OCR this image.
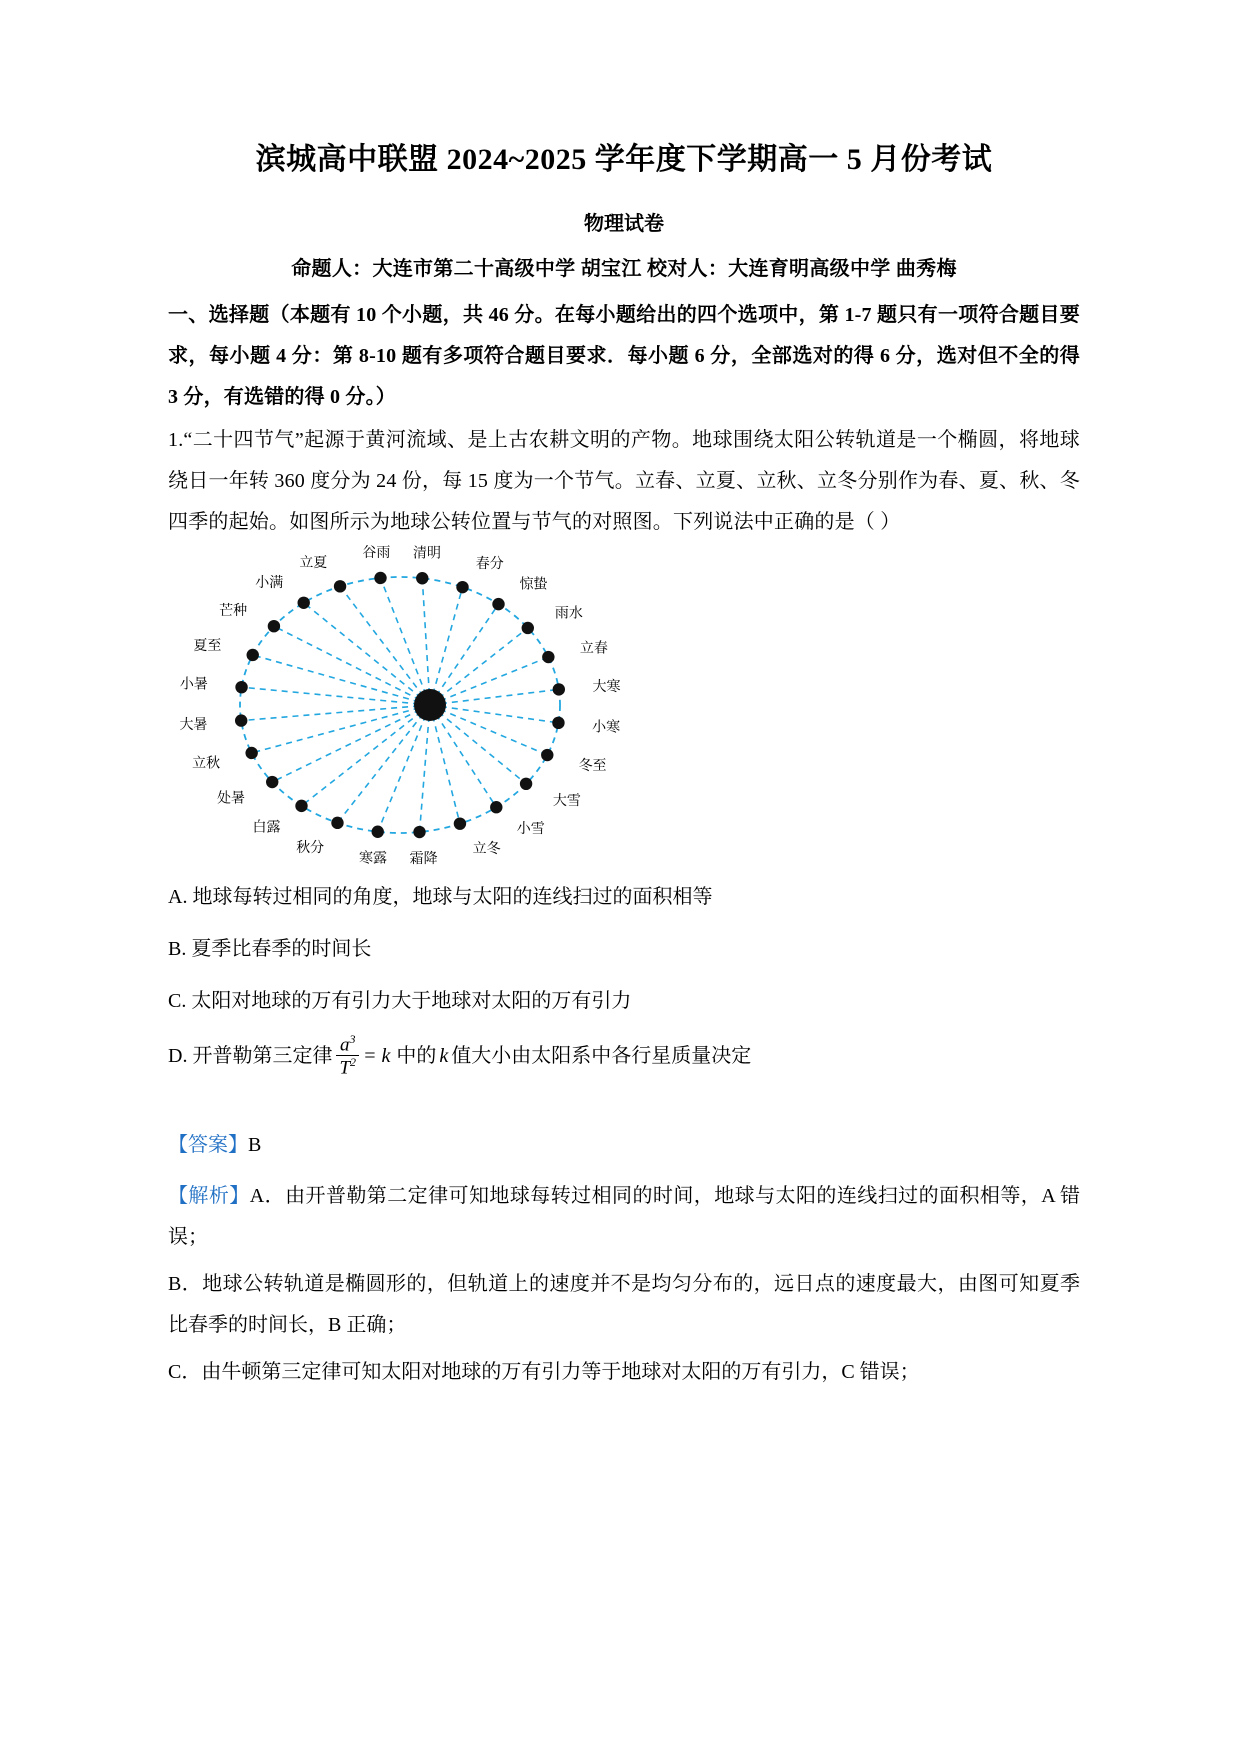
滨城高中联盟 2024~2025 学年度下学期高一 5 月份考试
物理试卷
命题人：大连市第二十高级中学 胡宝江 校对人：大连育明高级中学 曲秀梅

一、选择题（本题有 10 个小题，共 46 分。在每小题给出的四个选项中，第 1-7 题只有一项符合题目要求，每小题 4 分：第 8-10 题有多项符合题目要求．每小题 6 分，全部选对的得 6 分，选对但不全的得 3 分，有选错的得 0 分。）

1.“二十四节气”起源于黄河流域、是上古农耕文明的产物。地球围绕太阳公转轨道是一个椭圆，将地球绕日一年转 360 度分为 24 份，每 15 度为一个节气。立春、立夏、立秋、立冬分别作为春、夏、秋、冬四季的起始。如图所示为地球公转位置与节气的对照图。下列说法中正确的是（ ）

立春
雨水
惊蛰
春分
清明
谷雨
立夏
小满
芒种
夏至
小暑
大暑
立秋
处暑
白露
秋分
寒露 霜降
立冬
小雪
大雪
冬至
小寒
大寒
A. 地球每转过相同的角度，地球与太阳的连线扫过的面积相等
B. 夏季比春季的时间长
C. 太阳对地球的万有引力大于地球对太阳的万有引力
D. 开普勒第三定律 $\frac{a^3}{T^2} = k$ 中的 k 值大小由太阳系中各行星质量决定
【答案】B

【解析】A．由开普勒第二定律可知地球每转过相同的时间，地球与太阳的连线扫过的面积相等，A 错误；

B．地球公转轨道是椭圆形的，但轨道上的速度并不是均匀分布的，远日点的速度最大，由图可知夏季比春季的时间长，B 正确；

C．由牛顿第三定律可知太阳对地球的万有引力等于地球对太阳的万有引力，C 错误；
